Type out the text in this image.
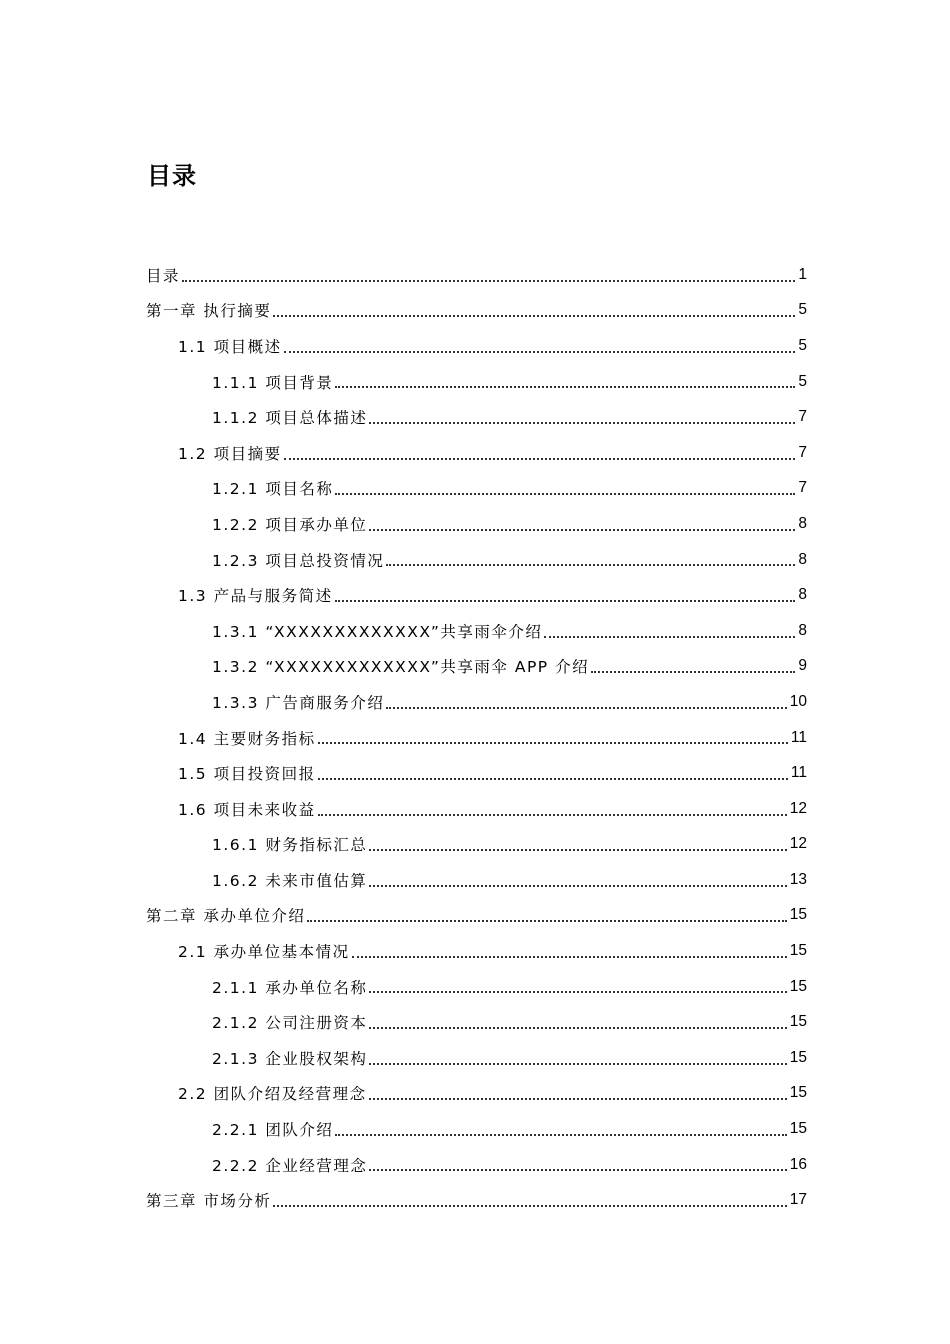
目录
目录	1
第一章 执行摘要	5
1.1 项目概述	5
1.1.1 项目背景	5
1.1.2 项目总体描述	7
1.2 项目摘要	7
1.2.1 项目名称	7
1.2.2 项目承办单位	8
1.2.3 项目总投资情况	8
1.3 产品与服务简述	8
1.3.1 “XXXXXXXXXXXXX”共享雨伞介绍	8
1.3.2 “XXXXXXXXXXXXX”共享雨伞 APP 介绍	9
1.3.3 广告商服务介绍	10
1.4 主要财务指标	11
1.5 项目投资回报	11
1.6 项目未来收益	12
1.6.1 财务指标汇总	12
1.6.2 未来市值估算	13
第二章 承办单位介绍	15
2.1 承办单位基本情况	15
2.1.1 承办单位名称	15
2.1.2 公司注册资本	15
2.1.3 企业股权架构	15
2.2 团队介绍及经营理念	15
2.2.1 团队介绍	15
2.2.2 企业经营理念	16
第三章 市场分析	17
